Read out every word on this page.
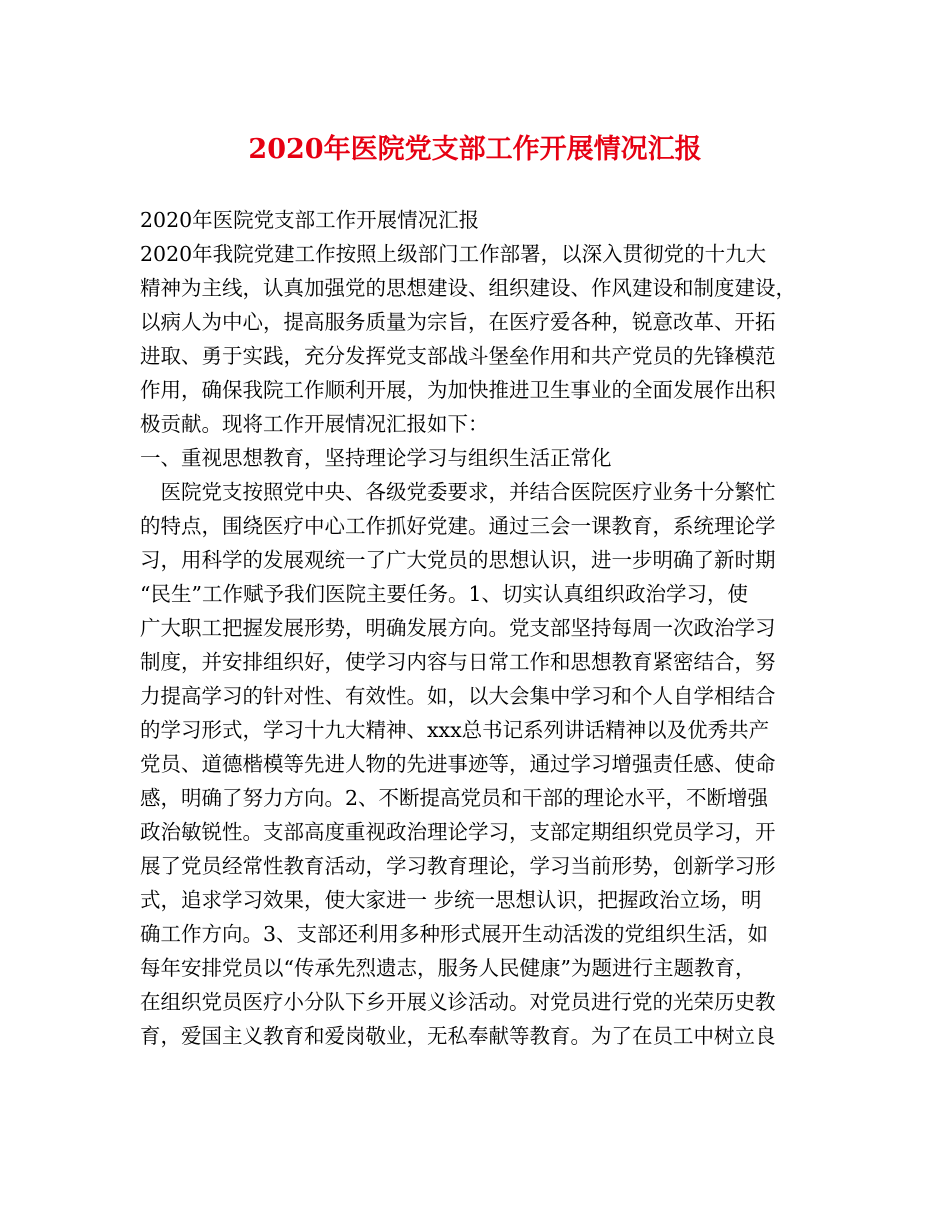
2020年医院党支部工作开展情况汇报
2020年医院党支部工作开展情况汇报
2020年我院党建工作按照上级部门工作部署，以深入贯彻党的十九大
精神为主线，认真加强党的思想建设、组织建设、作风建设和制度建设，
以病人为中心，提高服务质量为宗旨，在医疗爱各种，锐意改革、开拓
进取、勇于实践，充分发挥党支部战斗堡垒作用和共产党员的先锋模范
作用，确保我院工作顺利开展，为加快推进卫生事业的全面发展作出积
极贡献。现将工作开展情况汇报如下：
一、重视思想教育，坚持理论学习与组织生活正常化
　医院党支按照党中央、各级党委要求，并结合医院医疗业务十分繁忙
的特点，围绕医疗中心工作抓好党建。通过三会一课教育，系统理论学
习，用科学的发展观统一了广大党员的思想认识，进一步明确了新时期
“民生”工作赋予我们医院主要任务。1、切实认真组织政治学习，使
广大职工把握发展形势，明确发展方向。党支部坚持每周一次政治学习
制度，并安排组织好，使学习内容与日常工作和思想教育紧密结合，努
力提高学习的针对性、有效性。如，以大会集中学习和个人自学相结合
的学习形式，学习十九大精神、xxx总书记系列讲话精神以及优秀共产
党员、道德楷模等先进人物的先进事迹等，通过学习增强责任感、使命
感，明确了努力方向。2、不断提高党员和干部的理论水平，不断增强
政治敏锐性。支部高度重视政治理论学习，支部定期组织党员学习，开
展了党员经常性教育活动，学习教育理论，学习当前形势，创新学习形
式，追求学习效果，使大家进一 步统一思想认识，把握政治立场，明
确工作方向。3、支部还利用多种形式展开生动活泼的党组织生活，如
每年安排党员以“传承先烈遗志，服务人民健康”为题进行主题教育，
在组织党员医疗小分队下乡开展义诊活动。对党员进行党的光荣历史教
育，爱国主义教育和爱岗敬业，无私奉献等教育。为了在员工中树立良
